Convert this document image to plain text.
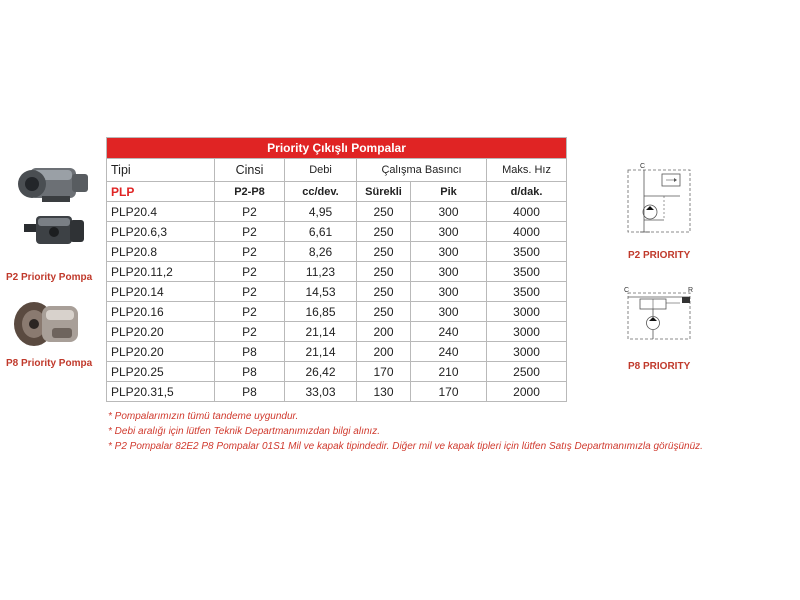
P2 Priority Pompa
P8 Priority Pompa
Priority Çıkışlı Pompalar					
Tipi	Cinsi	Debi	Çalışma Basıncı		Maks. Hız
PLP	P2-P8	cc/dev.	Sürekli	Pik	d/dak.
PLP20.4	P2	4,95	250	300	4000
PLP20.6,3	P2	6,61	250	300	4000
PLP20.8	P2	8,26	250	300	3500
PLP20.11,2	P2	11,23	250	300	3500
PLP20.14	P2	14,53	250	300	3500
PLP20.16	P2	16,85	250	300	3000
PLP20.20	P2	21,14	200	240	3000
PLP20.20	P8	21,14	200	240	3000
PLP20.25	P8	26,42	170	210	2500
PLP20.31,5	P8	33,03	130	170	2000
* Pompalarımızın tümü tandeme uygundur.
* Debi aralığı için lütfen Teknik Departmanımızdan bilgi alınız.
* P2 Pompalar 82E2 P8 Pompalar 01S1 Mil ve kapak tipindedir. Diğer mil ve kapak tipleri için lütfen Satış Departmanımızla görüşünüz.
C
P2 PRIORITY
C	R
P8 PRIORITY
